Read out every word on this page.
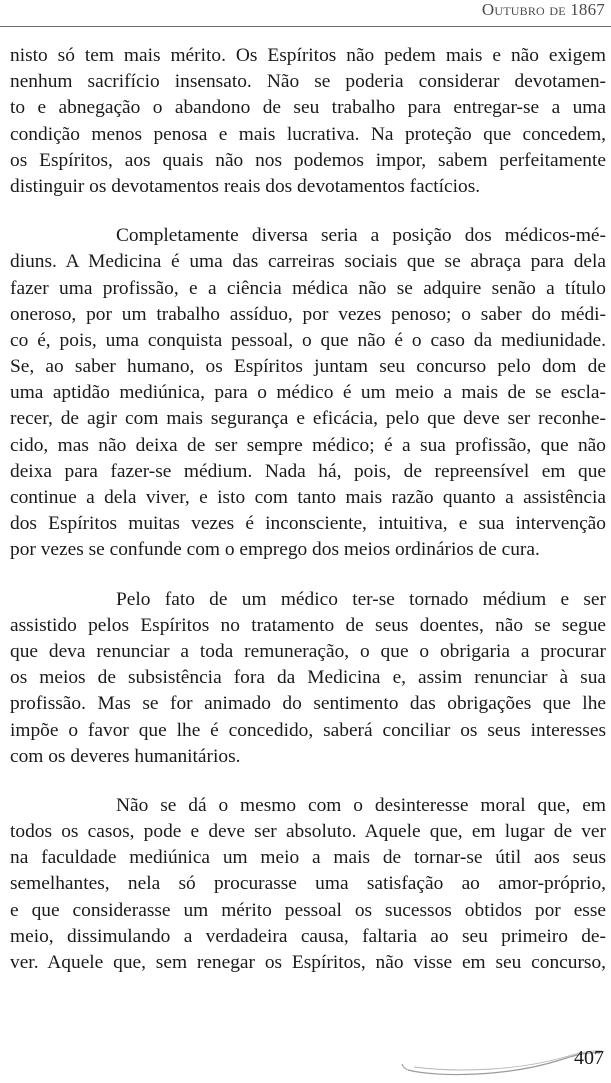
Outubro de 1867
nisto só tem mais mérito. Os Espíritos não pedem mais e não exigem
nenhum sacrifício insensato. Não se poderia considerar devotamen-
to e abnegação o abandono de seu trabalho para entregar-se a uma
condição menos penosa e mais lucrativa. Na proteção que concedem,
os Espíritos, aos quais não nos podemos impor, sabem perfeitamente
distinguir os devotamentos reais dos devotamentos factícios.
Completamente diversa seria a posição dos médicos-mé-
diuns. A Medicina é uma das carreiras sociais que se abraça para dela
fazer uma profissão, e a ciência médica não se adquire senão a título
oneroso, por um trabalho assíduo, por vezes penoso; o saber do médi-
co é, pois, uma conquista pessoal, o que não é o caso da mediunidade.
Se, ao saber humano, os Espíritos juntam seu concurso pelo dom de
uma aptidão mediúnica, para o médico é um meio a mais de se escla-
recer, de agir com mais segurança e eficácia, pelo que deve ser reconhe-
cido, mas não deixa de ser sempre médico; é a sua profissão, que não
deixa para fazer-se médium. Nada há, pois, de repreensível em que
continue a dela viver, e isto com tanto mais razão quanto a assistência
dos Espíritos muitas vezes é inconsciente, intuitiva, e sua intervenção
por vezes se confunde com o emprego dos meios ordinários de cura.
Pelo fato de um médico ter-se tornado médium e ser
assistido pelos Espíritos no tratamento de seus doentes, não se segue
que deva renunciar a toda remuneração, o que o obrigaria a procurar
os meios de subsistência fora da Medicina e, assim renunciar à sua
profissão. Mas se for animado do sentimento das obrigações que lhe
impõe o favor que lhe é concedido, saberá conciliar os seus interesses
com os deveres humanitários.
Não se dá o mesmo com o desinteresse moral que, em
todos os casos, pode e deve ser absoluto. Aquele que, em lugar de ver
na faculdade mediúnica um meio a mais de tornar-se útil aos seus
semelhantes, nela só procurasse uma satisfação ao amor-próprio,
e que considerasse um mérito pessoal os sucessos obtidos por esse
meio, dissimulando a verdadeira causa, faltaria ao seu primeiro de-
ver. Aquele que, sem renegar os Espíritos, não visse em seu concurso,
407
